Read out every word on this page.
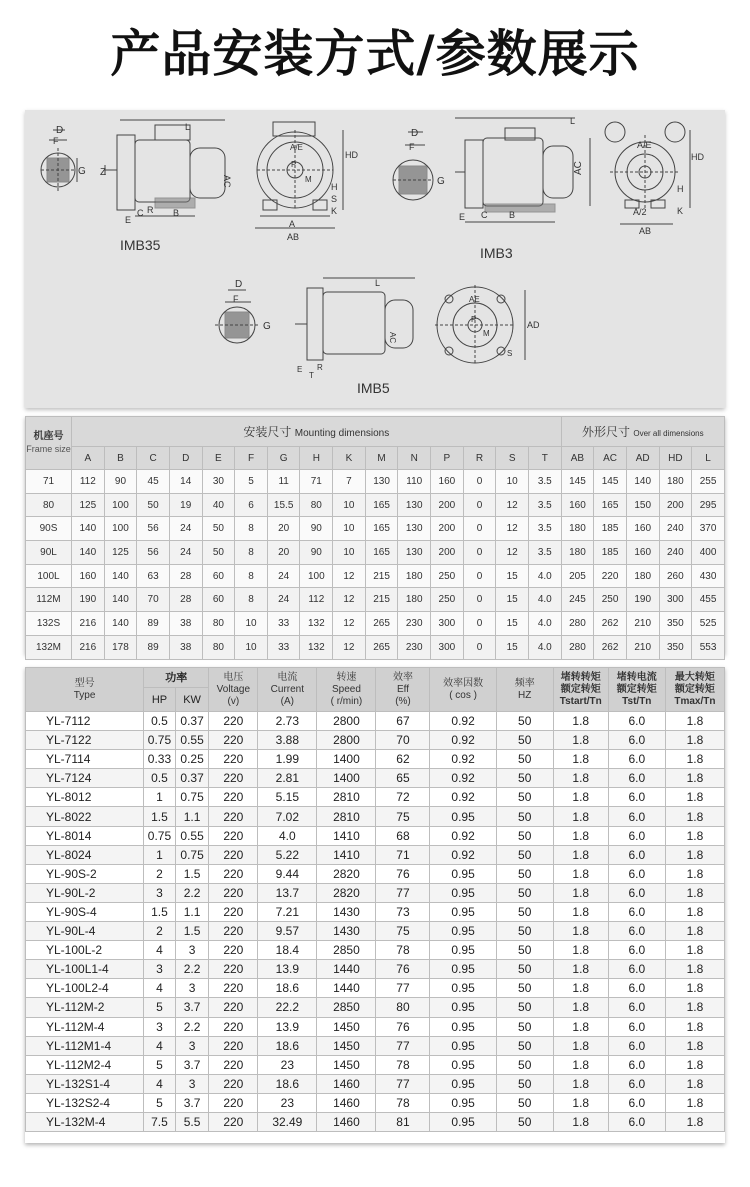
产品安装方式/参数展示
D
F
G Z
AC
E
C R B
L
IMB35
A/E
P
M
HD
H
S
K
A
AB
D
F
G
L
AC
E C B
IMB3
A/E
HD
H
K
A/2
AB
D
F
G
L
AC
E
T
R
IMB5
AE
P
M
AD
S
机座号
Frame size	安装尺寸 Mounting dimensions															外形尺寸 Over all dimensions				
	A	B	C	D	E	F	G	H	K	M	N	P	R	S	T	AB	AC	AD	HD	L
71	112	90	45	14	30	5	11	71	7	130	110	160	0	10	3.5	145	145	140	180	255
80	125	100	50	19	40	6	15.5	80	10	165	130	200	0	12	3.5	160	165	150	200	295
90S	140	100	56	24	50	8	20	90	10	165	130	200	0	12	3.5	180	185	160	240	370
90L	140	125	56	24	50	8	20	90	10	165	130	200	0	12	3.5	180	185	160	240	400
100L	160	140	63	28	60	8	24	100	12	215	180	250	0	15	4.0	205	220	180	260	430
112M	190	140	70	28	60	8	24	112	12	215	180	250	0	15	4.0	245	250	190	300	455
132S	216	140	89	38	80	10	33	132	12	265	230	300	0	15	4.0	280	262	210	350	525
132M	216	178	89	38	80	10	33	132	12	265	230	300	0	15	4.0	280	262	210	350	553
型号
Type	功率		电压
Voltage
(v)	电流
Current
(A)	转速
Speed
( r/min)	效率
Eff
(%)	效率因数
( cos )	频率
HZ	堵转转矩
额定转矩
Tstart/Tn	堵转电流
额定转矩
Tst/Tn	最大转矩
额定转矩
Tmax/Tn

	HP	KW									
YL-7112	0.5	0.37	220	2.73	2800	67	0.92	50	1.8	6.0	1.8
YL-7122	0.75	0.55	220	3.88	2800	70	0.92	50	1.8	6.0	1.8
YL-7114	0.33	0.25	220	1.99	1400	62	0.92	50	1.8	6.0	1.8
YL-7124	0.5	0.37	220	2.81	1400	65	0.92	50	1.8	6.0	1.8
YL-8012	1	0.75	220	5.15	2810	72	0.92	50	1.8	6.0	1.8
YL-8022	1.5	1.1	220	7.02	2810	75	0.95	50	1.8	6.0	1.8
YL-8014	0.75	0.55	220	4.0	1410	68	0.92	50	1.8	6.0	1.8
YL-8024	1	0.75	220	5.22	1410	71	0.92	50	1.8	6.0	1.8
YL-90S-2	2	1.5	220	9.44	2820	76	0.95	50	1.8	6.0	1.8
YL-90L-2	3	2.2	220	13.7	2820	77	0.95	50	1.8	6.0	1.8
YL-90S-4	1.5	1.1	220	7.21	1430	73	0.95	50	1.8	6.0	1.8
YL-90L-4	2	1.5	220	9.57	1430	75	0.95	50	1.8	6.0	1.8
YL-100L-2	4	3	220	18.4	2850	78	0.95	50	1.8	6.0	1.8
YL-100L1-4	3	2.2	220	13.9	1440	76	0.95	50	1.8	6.0	1.8
YL-100L2-4	4	3	220	18.6	1440	77	0.95	50	1.8	6.0	1.8
YL-112M-2	5	3.7	220	22.2	2850	80	0.95	50	1.8	6.0	1.8
YL-112M-4	3	2.2	220	13.9	1450	76	0.95	50	1.8	6.0	1.8
YL-112M1-4	4	3	220	18.6	1450	77	0.95	50	1.8	6.0	1.8
YL-112M2-4	5	3.7	220	23	1450	78	0.95	50	1.8	6.0	1.8
YL-132S1-4	4	3	220	18.6	1460	77	0.95	50	1.8	6.0	1.8
YL-132S2-4	5	3.7	220	23	1460	78	0.95	50	1.8	6.0	1.8
YL-132M-4	7.5	5.5	220	32.49	1460	81	0.95	50	1.8	6.0	1.8
